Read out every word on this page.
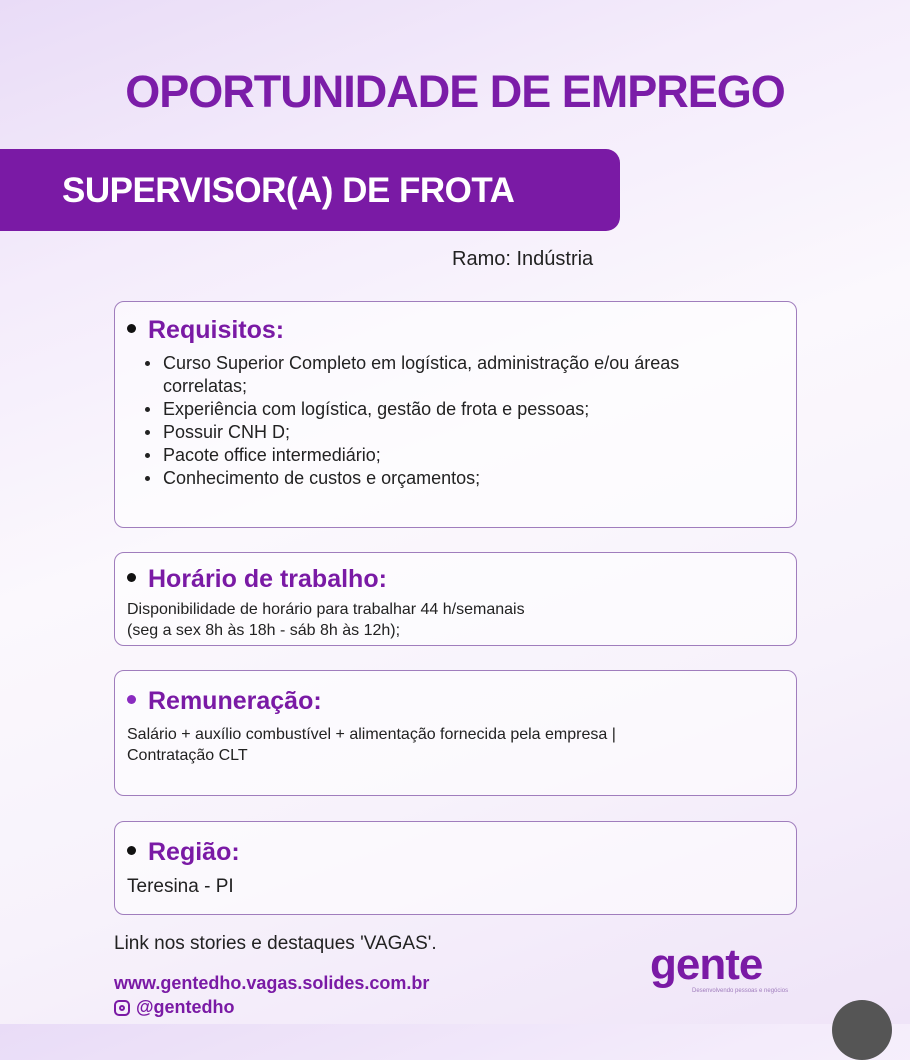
OPORTUNIDADE DE EMPREGO
SUPERVISOR(A) DE FROTA
Ramo: Indústria
Requisitos:
Curso Superior Completo em logística, administração e/ou áreas correlatas;
Experiência com logística, gestão de frota e pessoas;
Possuir CNH D;
Pacote office intermediário;
Conhecimento de custos e orçamentos;
Horário de trabalho:
Disponibilidade de horário para trabalhar 44 h/semanais
(seg a sex 8h às 18h - sáb 8h às 12h);
Remuneração:
Salário + auxílio combustível + alimentação fornecida pela empresa |
Contratação CLT
Região:
Teresina - PI
Link nos stories e destaques 'VAGAS'.
www.gentedho.vagas.solides.com.br
@gentedho
gente
Desenvolvendo pessoas e negócios
